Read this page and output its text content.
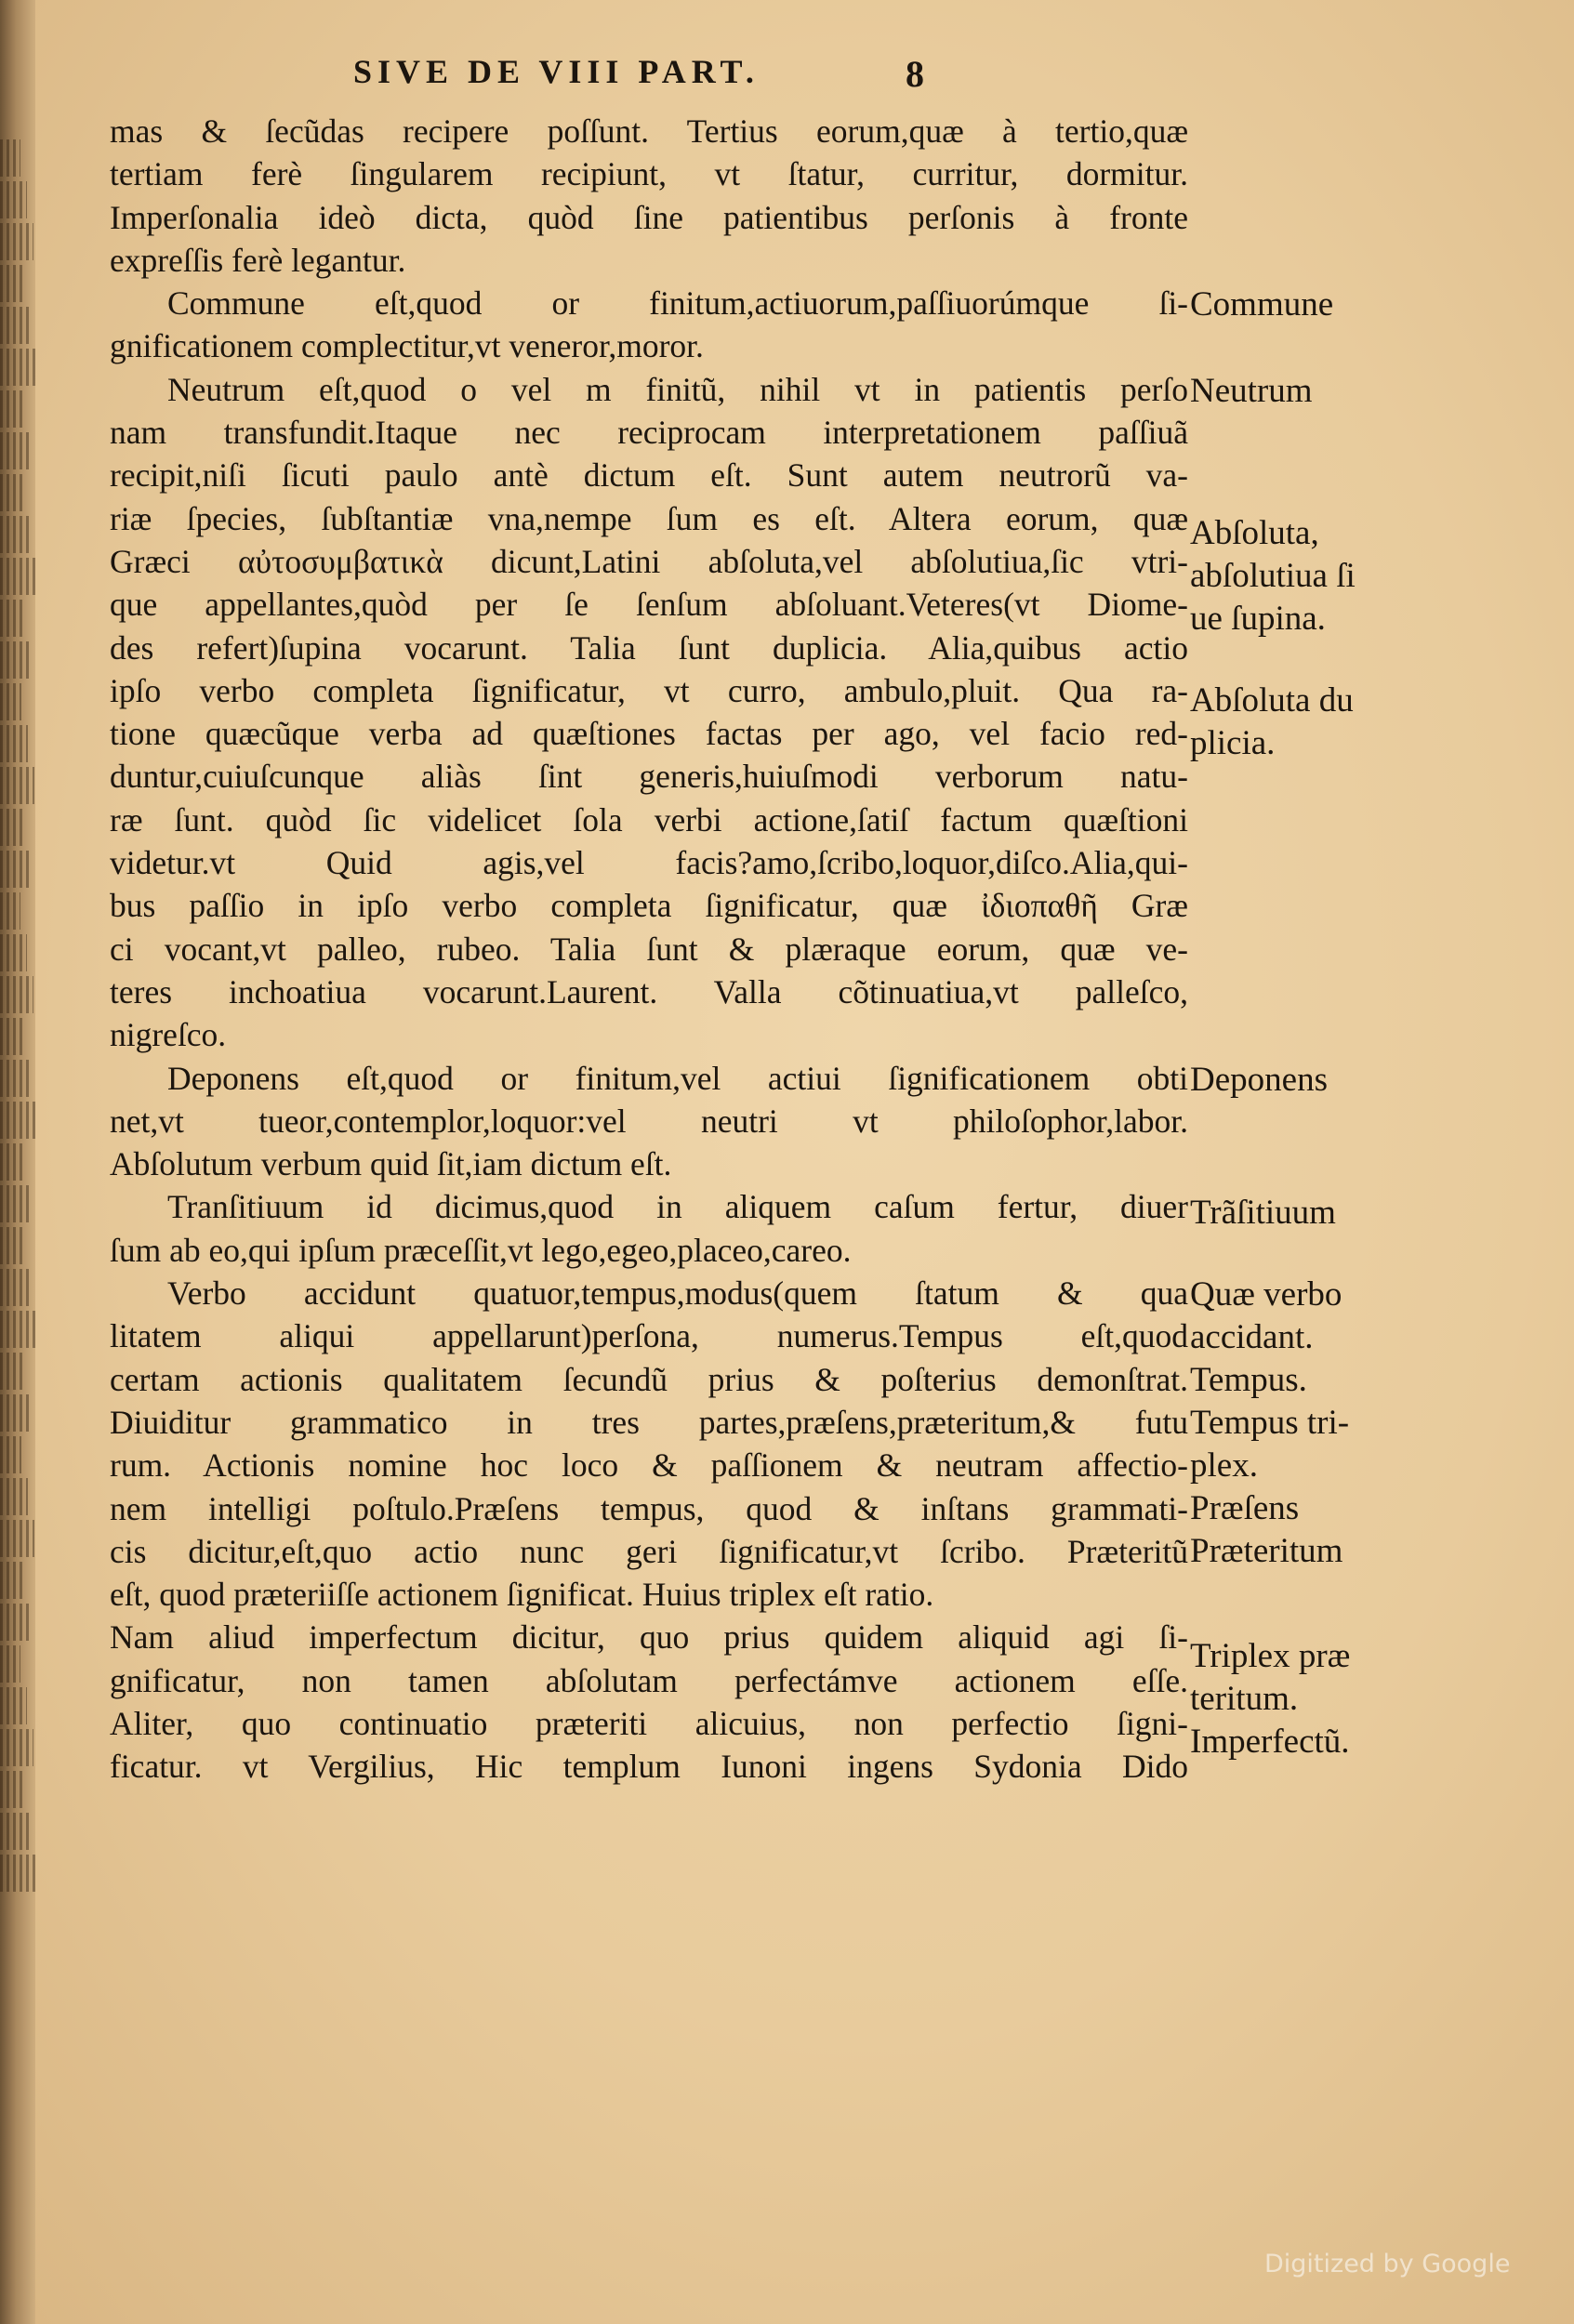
SIVE DE VIII PART.	8
mas & ſecũdas recipere poſſunt. Tertius eorum,quæ à tertio,quæ
tertiam ferè ſingularem recipiunt, vt ſtatur, curritur, dormitur.
Imperſonalia ideò dicta, quòd ſine patientibus perſonis à fronte
expreſſis ferè legantur.
Commune eſt,quod or finitum,actiuorum,paſſiuorúmque ſi-
gnificationem complectitur,vt veneror,moror.
Neutrum eſt,quod o vel m finitũ, nihil vt in patientis perſo
nam transfundit.Itaque nec reciprocam interpretationem paſſiuã
recipit,niſi ſicuti paulo antè dictum eſt. Sunt autem neutrorũ va-
riæ ſpecies, ſubſtantiæ vna,nempe ſum es eſt. Altera eorum, quæ
Græci αὐτοσυμβατικὰ dicunt,Latini abſoluta,vel abſolutiua,ſic vtri-
que appellantes,quòd per ſe ſenſum abſoluant.Veteres(vt Diome-
des refert)ſupina vocarunt. Talia ſunt duplicia. Alia,quibus actio
ipſo verbo completa ſignificatur, vt curro, ambulo,pluit. Qua ra-
tione quæcũque verba ad quæſtiones factas per ago, vel facio red-
duntur,cuiuſcunque aliàs ſint generis,huiuſmodi verborum natu-
ræ ſunt. quòd ſic videlicet ſola verbi actione,ſatiſ factum quæſtioni
videtur.vt Quid agis,vel facis?amo,ſcribo,loquor,diſco.Alia,qui-
bus paſſio in ipſo verbo completa ſignificatur, quæ ἰδιοπαθῆ Græ
ci vocant,vt palleo, rubeo. Talia ſunt & plæraque eorum, quæ ve-
teres inchoatiua vocarunt.Laurent. Valla cõtinuatiua,vt palleſco,
nigreſco.
Deponens eſt,quod or finitum,vel actiui ſignificationem obti
net,vt tueor,contemplor,loquor:vel neutri vt philoſophor,labor.
Abſolutum verbum quid ſit,iam dictum eſt.
Tranſitiuum id dicimus,quod in aliquem caſum fertur, diuer
ſum ab eo,qui ipſum præceſſit,vt lego,egeo,placeo,careo.
Verbo accidunt quatuor,tempus,modus(quem ſtatum & qua
litatem aliqui appellarunt)perſona, numerus.Tempus eſt,quod
certam actionis qualitatem ſecundũ prius & poſterius demonſtrat.
Diuiditur grammatico in tres partes,præſens,præteritum,& futu
rum. Actionis nomine hoc loco & paſſionem & neutram affectio-
nem intelligi poſtulo.Præſens tempus, quod & inſtans grammati-
cis dicitur,eſt,quo actio nunc geri ſignificatur,vt ſcribo. Præteritũ
eſt, quod præteriiſſe actionem ſignificat. Huius triplex eſt ratio.
Nam aliud imperfectum dicitur, quo prius quidem aliquid agi ſi-
gnificatur, non tamen abſolutam perfectámve actionem eſſe.
Aliter, quo continuatio præteriti alicuius, non perfectio ſigni-
ficatur. vt Vergilius, Hic templum Iunoni ingens Sydonia Dido
Commune
Neutrum
Abſoluta,
abſolutiua ſi
ue ſupina.
Abſoluta du
plicia.
Deponens
Trãſitiuum
Quæ verbo
accidant.
Tempus.
Tempus tri-
plex.
Præſens
Præteritum
Triplex præ
teritum.
Imperfectũ.
Digitized by Google
